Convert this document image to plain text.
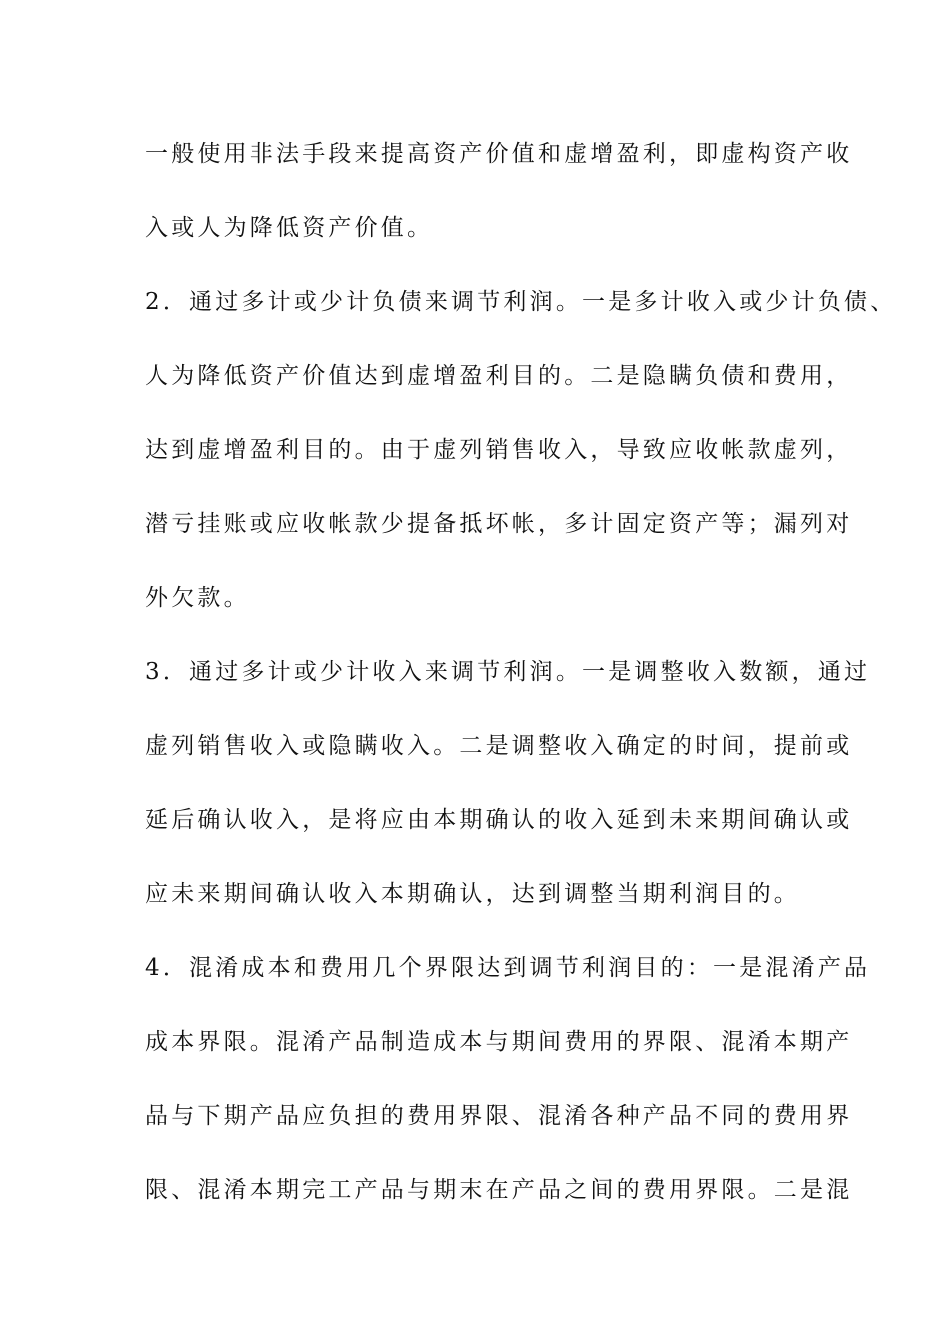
一般使用非法手段来提高资产价值和虚增盈利，即虚构资产收
入或人为降低资产价值。
2．通过多计或少计负债来调节利润。一是多计收入或少计负债、
人为降低资产价值达到虚增盈利目的。二是隐瞒负债和费用，
达到虚增盈利目的。由于虚列销售收入，导致应收帐款虚列，
潜亏挂账或应收帐款少提备抵坏帐，多计固定资产等；漏列对
外欠款。
3．通过多计或少计收入来调节利润。一是调整收入数额，通过
虚列销售收入或隐瞒收入。二是调整收入确定的时间，提前或
延后确认收入，是将应由本期确认的收入延到未来期间确认或
应未来期间确认收入本期确认，达到调整当期利润目的。
4．混淆成本和费用几个界限达到调节利润目的：一是混淆产品
成本界限。混淆产品制造成本与期间费用的界限、混淆本期产
品与下期产品应负担的费用界限、混淆各种产品不同的费用界
限、混淆本期完工产品与期末在产品之间的费用界限。二是混
